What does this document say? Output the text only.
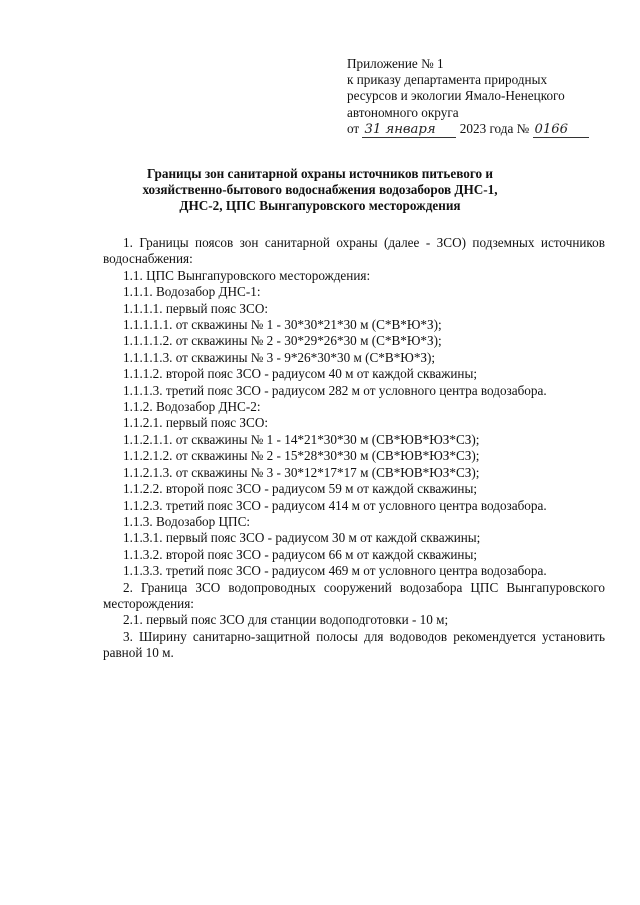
Приложение № 1
к приказу департамента природных
ресурсов и экологии Ямало-Ненецкого
автономного округа
от 31 января 2023 года № 0166
Границы зон санитарной охраны источников питьевого и
хозяйственно-бытового водоснабжения водозаборов ДНС-1,
ДНС-2, ЦПС Вынгапуровского месторождения

1. Границы поясов зон санитарной охраны (далее - ЗСО) подземных источников водоснабжения:

1.1. ЦПС Вынгапуровского месторождения:

1.1.1. Водозабор ДНС-1:

1.1.1.1. первый пояс ЗСО:

1.1.1.1.1. от скважины № 1 - 30*30*21*30 м (С*В*Ю*З);

1.1.1.1.2. от скважины № 2 - 30*29*26*30 м (С*В*Ю*З);

1.1.1.1.3. от скважины № 3 - 9*26*30*30 м (С*В*Ю*З);

1.1.1.2. второй пояс ЗСО - радиусом 40 м от каждой скважины;

1.1.1.3. третий пояс ЗСО - радиусом 282 м от условного центра водозабора.

1.1.2. Водозабор ДНС-2:

1.1.2.1. первый пояс ЗСО:

1.1.2.1.1. от скважины № 1 - 14*21*30*30 м (СВ*ЮВ*ЮЗ*СЗ);

1.1.2.1.2. от скважины № 2 - 15*28*30*30 м (СВ*ЮВ*ЮЗ*СЗ);

1.1.2.1.3. от скважины № 3 - 30*12*17*17 м (СВ*ЮВ*ЮЗ*СЗ);

1.1.2.2. второй пояс ЗСО - радиусом 59 м от каждой скважины;

1.1.2.3. третий пояс ЗСО - радиусом 414 м от условного центра водозабора.

1.1.3. Водозабор ЦПС:

1.1.3.1. первый пояс ЗСО - радиусом 30 м от каждой скважины;

1.1.3.2. второй пояс ЗСО - радиусом 66 м от каждой скважины;

1.1.3.3. третий пояс ЗСО - радиусом 469 м от условного центра водозабора.

2. Граница ЗСО водопроводных сооружений водозабора ЦПС Вынгапуровского месторождения:

2.1. первый пояс ЗСО для станции водоподготовки - 10 м;

3. Ширину санитарно-защитной полосы для водоводов рекомендуется установить равной 10 м.
